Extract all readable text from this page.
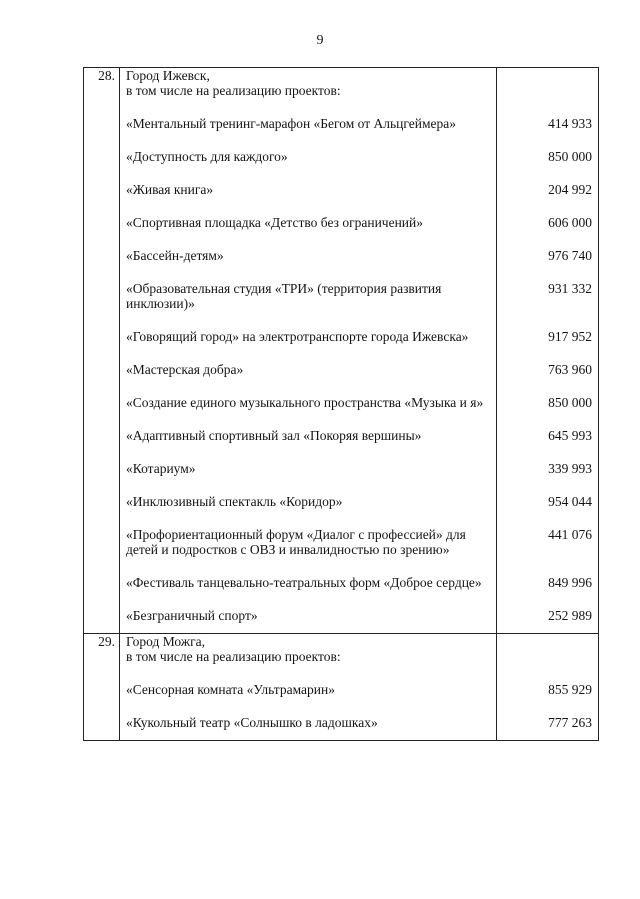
9
28.	Город Ижевск,
в том числе на реализацию проектов:	

	«Ментальный тренинг-марафон «Бегом от Альцгеймера»	414 933

	«Доступность для каждого»	850 000

	«Живая книга»	204 992

	«Спортивная площадка «Детство без ограничений»	606 000

	«Бассейн-детям»	976 740

	«Образовательная студия «ТРИ» (территория развития инклюзии)»	931 332

	«Говорящий город» на электротранспорте города Ижевска»	917 952

	«Мастерская добра»	763 960

	«Создание единого музыкального пространства «Музыка и я»	850 000

	«Адаптивный спортивный зал «Покоряя вершины»	645 993

	«Котариум»	339 993

	«Инклюзивный спектакль «Коридор»	954 044

	«Профориентационный форум «Диалог с профессией» для детей и подростков с ОВЗ и инвалидностью по зрению»	441 076

	«Фестиваль танцевально-театральных форм «Доброе сердце»	849 996

	«Безграничный спорт»	252 989

29.	Город Можга,
в том числе на реализацию проектов:	

	«Сенсорная комната «Ультрамарин»	855 929

	«Кукольный театр «Солнышко в ладошках»	777 263
